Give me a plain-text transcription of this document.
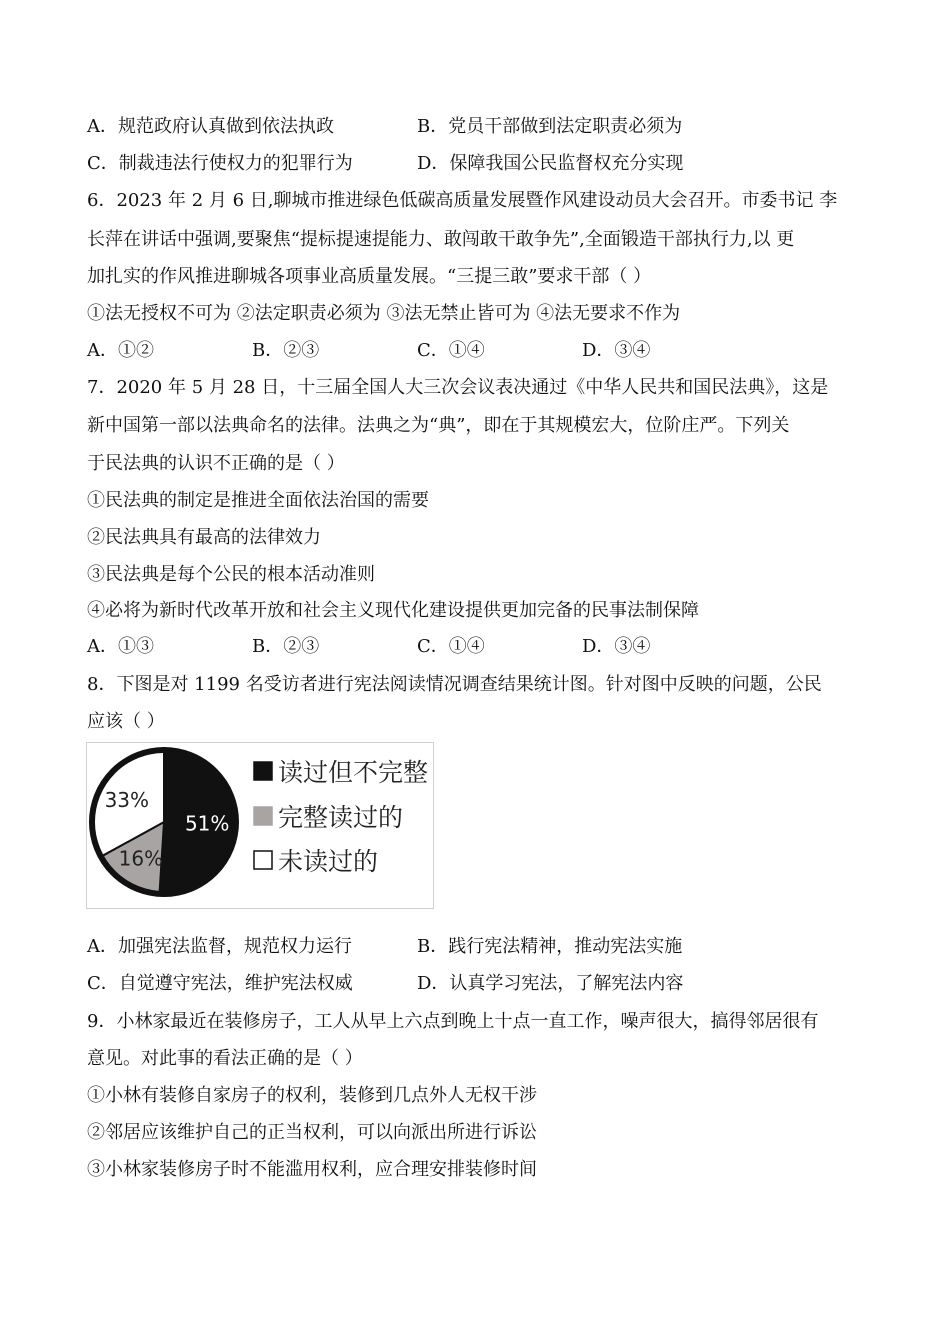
A．规范政府认真做到依法执政	B．党员干部做到法定职责必须为
C．制裁违法行使权力的犯罪行为	D．保障我国公民监督权充分实现
6．2023 年 2 月 6 日,聊城市推进绿色低碳高质量发展暨作风建设动员大会召开。市委书记 李
长萍在讲话中强调,要聚焦“提标提速提能力、敢闯敢干敢争先”,全面锻造干部执行力,以 更
加扎实的作风推进聊城各项事业高质量发展。“三提三敢”要求干部（ ）
①法无授权不可为 ②法定职责必须为 ③法无禁止皆可为 ④法无要求不作为
A．①②	B．②③	C．①④	D．③④
7．2020 年 5 月 28 日，十三届全国人大三次会议表决通过《中华人民共和国民法典》，这是
新中国第一部以法典命名的法律。法典之为“典”，即在于其规模宏大，位阶庄严。下列关
于民法典的认识不正确的是（ ）
①民法典的制定是推进全面依法治国的需要
②民法典具有最高的法律效力
③民法典是每个公民的根本活动准则
④必将为新时代改革开放和社会主义现代化建设提供更加完备的民事法制保障
A．①③	B．②③	C．①④	D．③④
8．下图是对 1199 名受访者进行宪法阅读情况调查结果统计图。针对图中反映的问题，公民
应该（ ）
51%
16%
33%
读过但不完整
完整读过的
未读过的
A．加强宪法监督，规范权力运行	B．践行宪法精神，推动宪法实施
C．自觉遵守宪法，维护宪法权威	D．认真学习宪法，了解宪法内容
9．小林家最近在装修房子，工人从早上六点到晚上十点一直工作，噪声很大，搞得邻居很有
意见。对此事的看法正确的是（ ）
①小林有装修自家房子的权利，装修到几点外人无权干涉
②邻居应该维护自己的正当权利，可以向派出所进行诉讼
③小林家装修房子时不能滥用权利，应合理安排装修时间
